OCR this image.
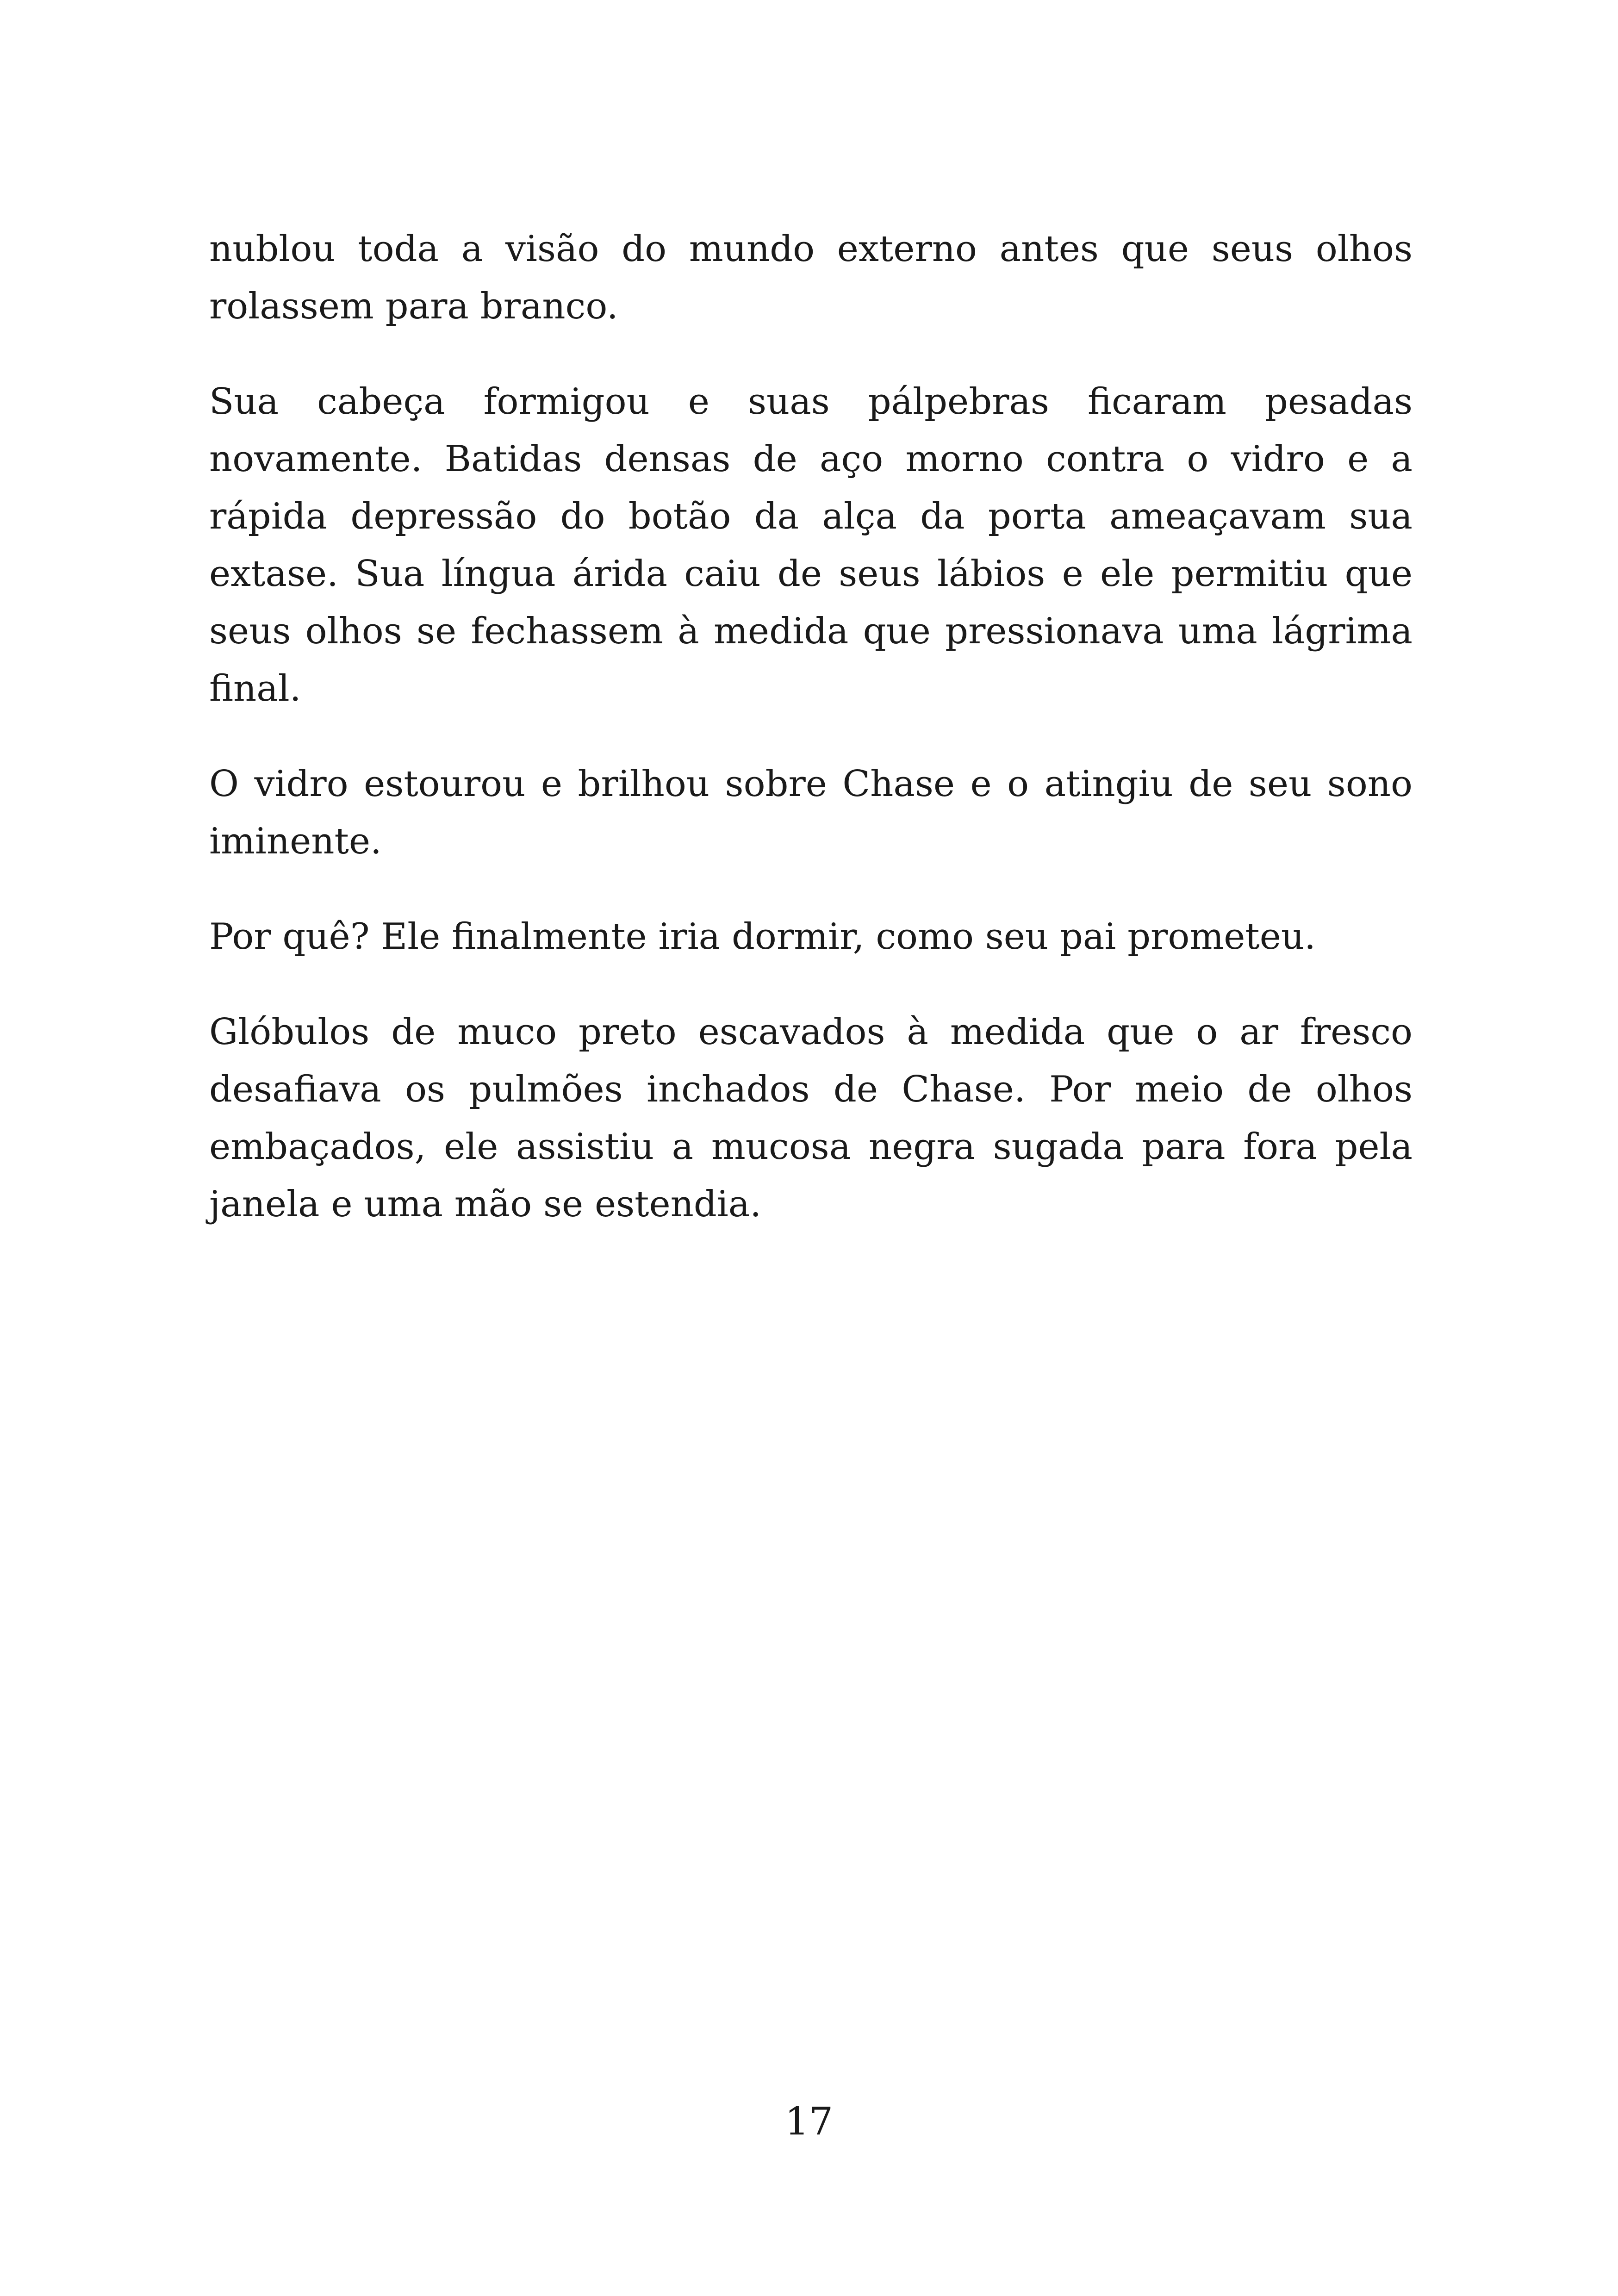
nublou toda a visão do mundo externo antes que seus olhos rolassem para branco.

Sua cabeça formigou e suas pálpebras ficaram pesadas novamente. Batidas densas de aço morno contra o vidro e a rápida depressão do botão da alça da porta ameaçavam sua extase. Sua língua árida caiu de seus lábios e ele permitiu que seus olhos se fechassem à medida que pressionava uma lágrima final.

O vidro estourou e brilhou sobre Chase e o atingiu de seu sono iminente.

Por quê? Ele finalmente iria dormir, como seu pai prometeu.

Glóbulos de muco preto escavados à medida que o ar fresco desafiava os pulmões inchados de Chase. Por meio de olhos embaçados, ele assistiu a mucosa negra sugada para fora pela janela e uma mão se estendia.

17
